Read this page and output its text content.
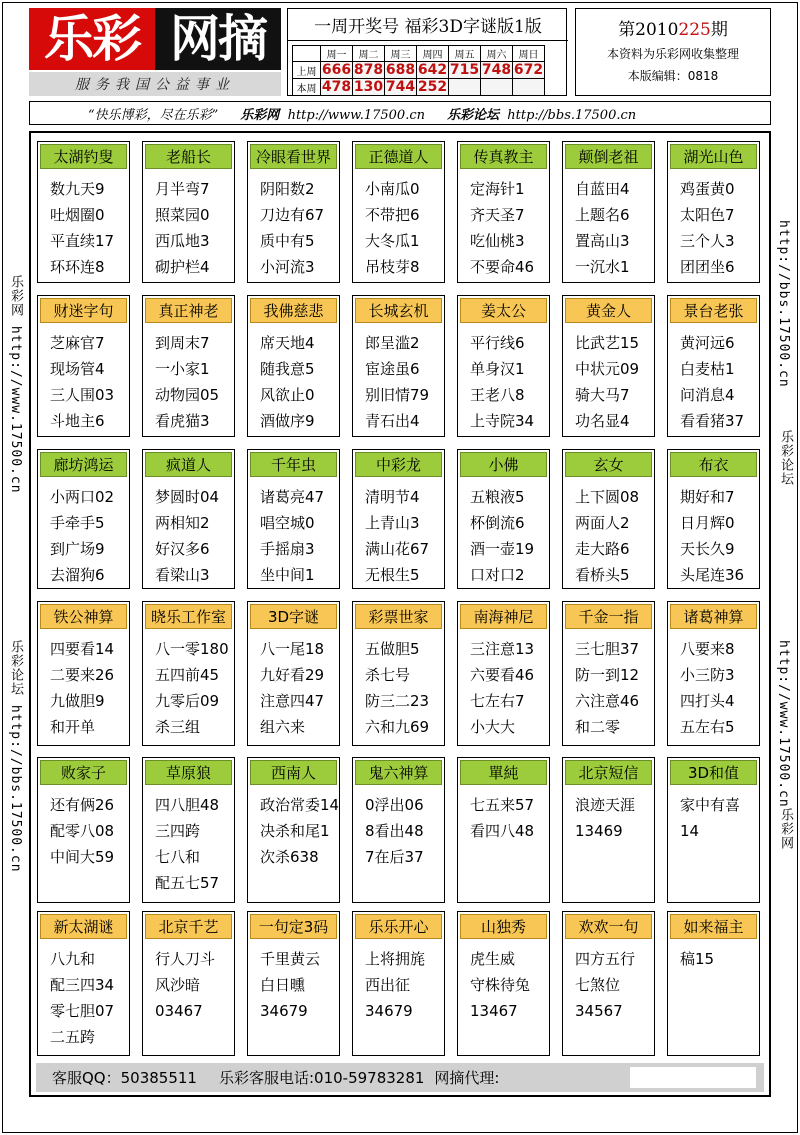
乐彩 网摘
服务我国公益事业
一周开奖号 福彩3D字谜版1版
	周一	周二	周三	周四	周五	周六	周日
上周	666	878	688	642	715	748	672
本周	478	130	744	252			
第2010225期
本资料为乐彩网收集整理
本版编辑：0818
“快乐博彩，尽在乐彩” 乐彩网 http://www.17500.cn 乐彩论坛 http://bbs.17500.cn
乐彩网 http://www.17500.cn
乐彩论坛 http://bbs.17500.cn
http://bbs.17500.cn
乐彩论坛
http://www.17500.cn
乐彩网
太湖钓叟
数九天9
吐烟圈0
平直续17
环环连8
老船长
月半弯7
照菜园0
西瓜地3
砌护栏4
冷眼看世界
阴阳数2
刀边有67
质中有5
小河流3
正德道人
小南瓜0
不带把6
大冬瓜1
吊枝芽8
传真教主
定海针1
齐天圣7
吃仙桃3
不要命46
颠倒老祖
自蓝田4
上题名6
置高山3
一沉水1
湖光山色
鸡蛋黄0
太阳色7
三个人3
团团坐6
财迷字句
芝麻官7
现场管4
三人围03
斗地主6
真正神老
到周末7
一小家1
动物园05
看虎猫3
我佛慈悲
席天地4
随我意5
风欲止0
酒做序9
长城玄机
郎呈滥2
宦途虽6
别旧情79
青石出4
姜太公
平行线6
单身汉1
王老八8
上寺院34
黄金人
比武艺15
中状元09
骑大马7
功名显4
景台老张
黄河远6
白麦枯1
问消息4
看看猪37
廊坊鸿运
小两口02
手牵手5
到广场9
去溜狗6
疯道人
梦圆时04
两相知2
好汉多6
看梁山3
千年虫
诸葛亮47
唱空城0
手摇扇3
坐中间1
中彩龙
清明节4
上青山3
满山花67
无根生5
小佛
五粮液5
杯倒流6
酒一壶19
口对口2
玄女
上下圆08
两面人2
走大路6
看桥头5
布衣
期好和7
日月辉0
天长久9
头尾连36
铁公神算
四要看14
二要来26
九做胆9
和开单
晓乐工作室
八一零180
五四前45
九零后09
杀三组
3D字谜
八一尾18
九好看29
注意四47
组六来
彩票世家
五做胆5
杀七号
防三二23
六和九69
南海神尼
三注意13
六要看46
七左右7
小大大
千金一指
三七胆37
防一到12
六注意46
和二零
诸葛神算
八要来8
小三防3
四打头4
五左右5
败家子
还有俩26
配零八08
中间大59
草原狼
四八胆48
三四跨
七八和
配五七57
西南人
政治常委14
决杀和尾1
次杀638
鬼六神算
0浮出06
8看出48
7在后37
單純
七五来57
看四八48
北京短信
浪迹天涯
13469
3D和值
家中有喜
14
新太湖谜
八九和
配三四34
零七胆07
二五跨
北京千艺
行人刀斗
风沙暗
03467
一句定3码
千里黄云
白日曛
34679
乐乐开心
上将拥旄
西出征
34679
山独秀
虎生威
守株待兔
13467
欢欢一句
四方五行
七煞位
34567
如来福主
稿15
客服QQ：50385511 乐彩客服电话:010-59783281 网摘代理:
